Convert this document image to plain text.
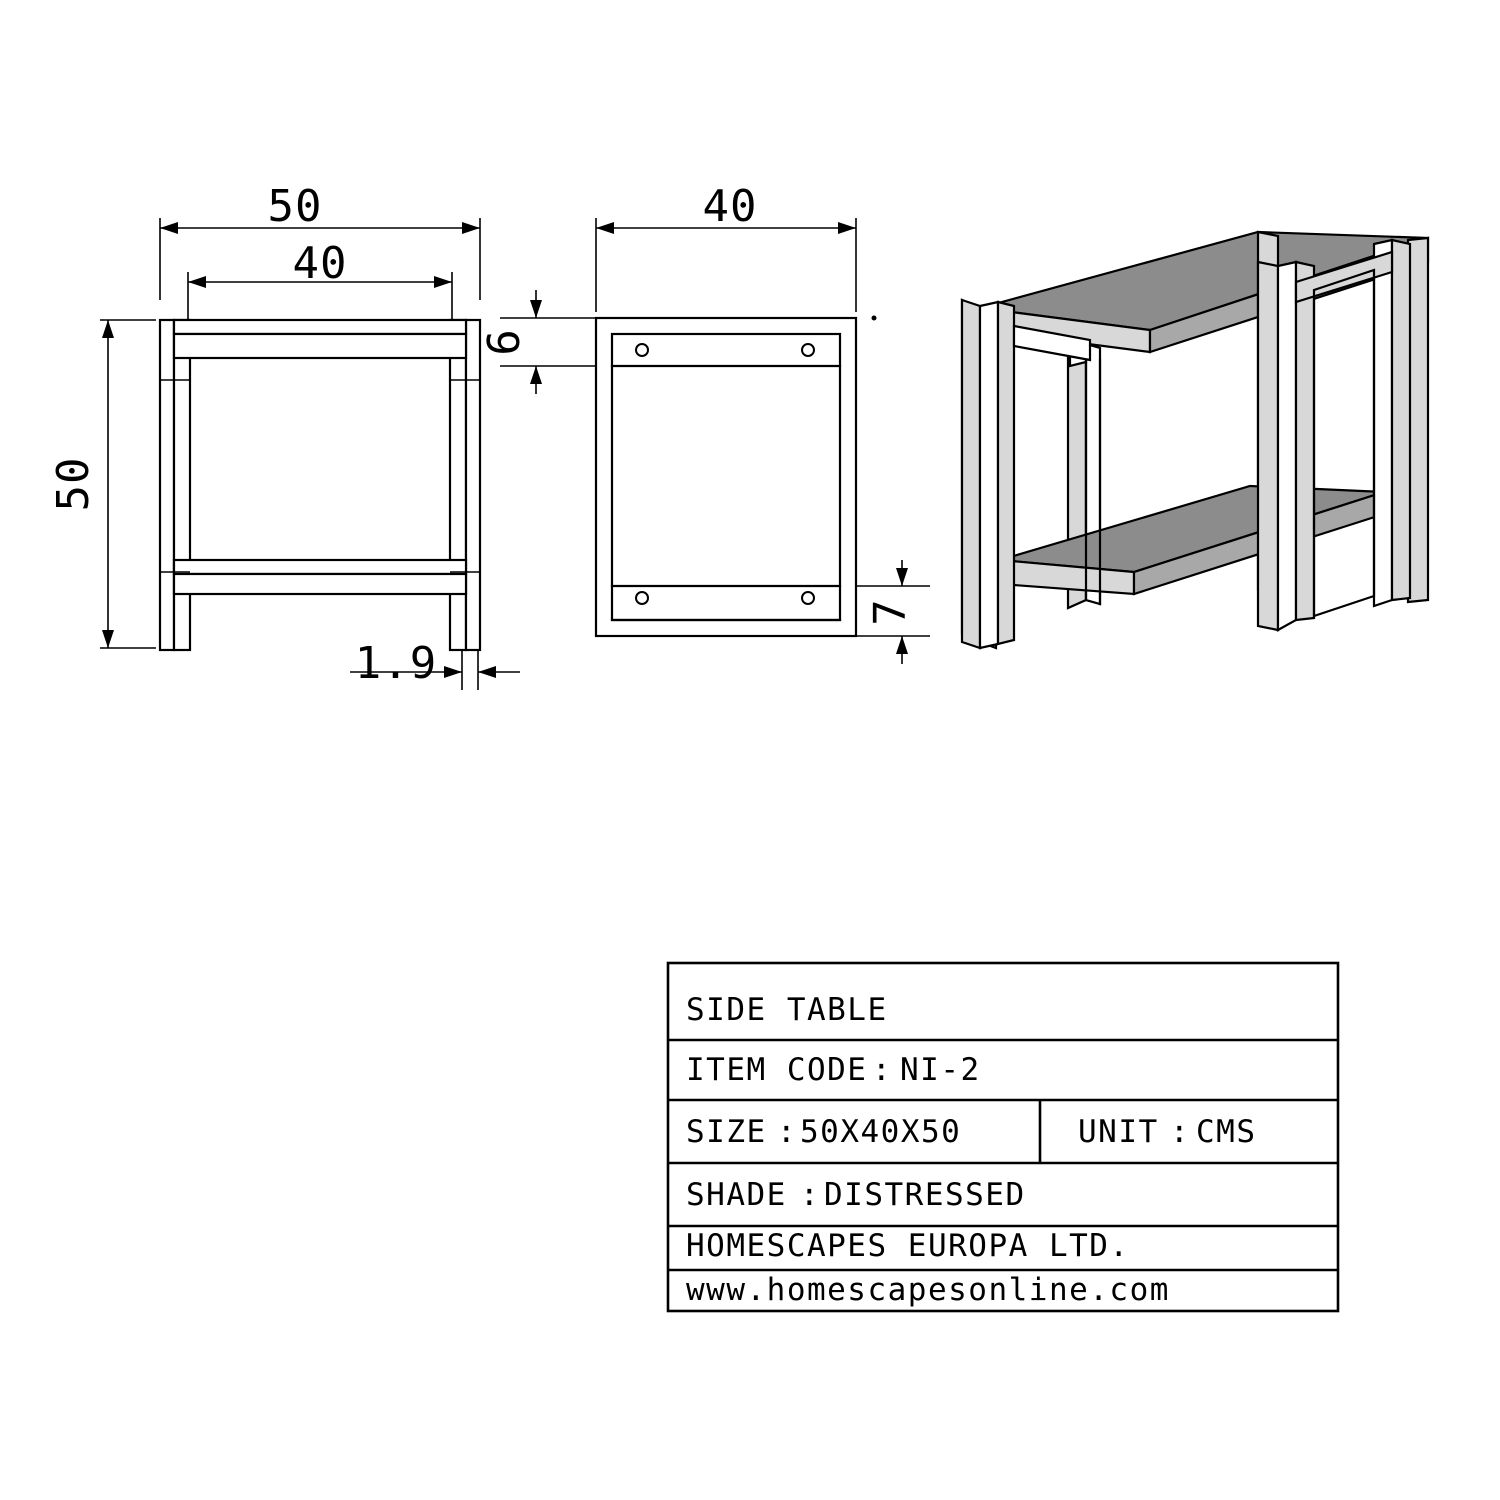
50
40
50
1.9
40
6
7
SIDE TABLE
ITEM CODE : NI-2
SIZE : 50X40X50	UNIT : CMS
SHADE : DISTRESSED
HOMESCAPES EUROPA LTD.
www.homescapesonline.com
